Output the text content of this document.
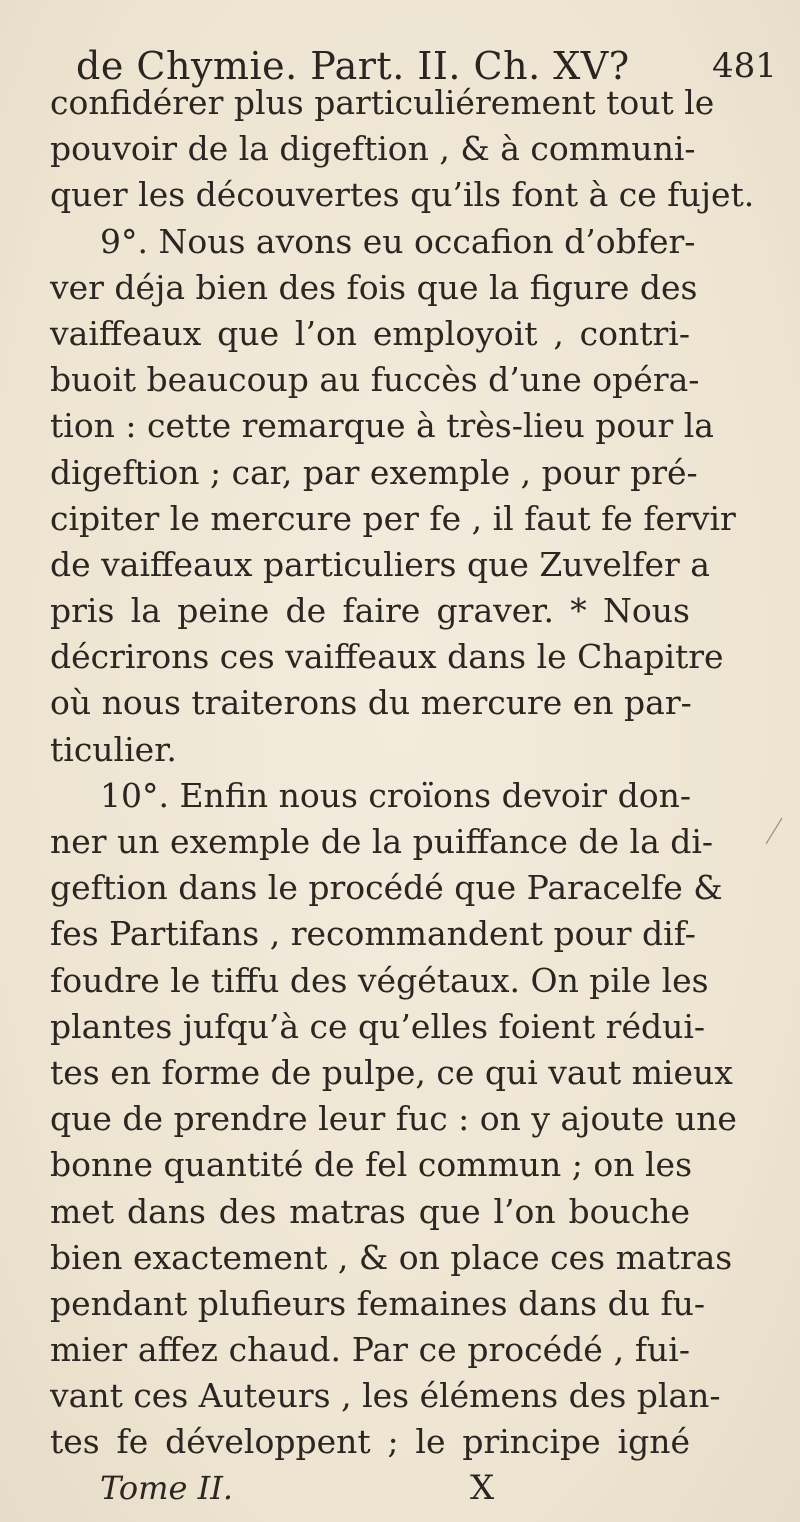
de Chymie. Part. II. Ch. XV? 481
confidérer plus particuliérement tout le
pouvoir de la digeftion , & à communi-
quer les découvertes qu’ils font à ce fujet.
9°. Nous avons eu occafion d’obfer-
ver déja bien des fois que la figure des
vaiffeaux que l’on employoit , contri-
buoit beaucoup au fuccès d’une opéra-
tion : cette remarque à très-lieu pour la
digeftion ; car, par exemple , pour pré-
cipiter le mercure per fe , il faut fe fervir
de vaiffeaux particuliers que Zuvelfer a
pris la peine de faire graver. * Nous
décrirons ces vaiffeaux dans le Chapitre
où nous traiterons du mercure en par-
ticulier.
10°. Enfin nous croïons devoir don-
ner un exemple de la puiffance de la di-
geftion dans le procédé que Paracelfe &
fes Partifans , recommandent pour dif-
foudre le tiffu des végétaux. On pile les
plantes jufqu’à ce qu’elles foient rédui-
tes en forme de pulpe, ce qui vaut mieux
que de prendre leur fuc : on y ajoute une
bonne quantité de fel commun ; on les
met dans des matras que l’on bouche
bien exactement , & on place ces matras
pendant plufieurs femaines dans du fu-
mier affez chaud. Par ce procédé , fui-
vant ces Auteurs , les élémens des plan-
tes fe développent ; le principe igné
Tome II.	X
